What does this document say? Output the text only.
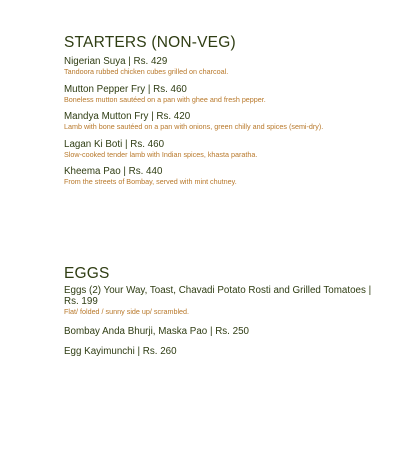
STARTERS (NON-VEG)
Nigerian Suya | Rs. 429
Tandoora rubbed chicken cubes grilled on charcoal.
Mutton Pepper Fry | Rs. 460
Boneless mutton sautéed on a pan with ghee and fresh pepper.
Mandya Mutton Fry | Rs. 420
Lamb with bone sautéed on a pan with onions, green chilly and spices (semi-dry).
Lagan Ki Boti | Rs. 460
Slow-cooked tender lamb with Indian spices, khasta paratha.
Kheema Pao | Rs. 440
From the streets of Bombay, served with mint chutney.
EGGS
Eggs (2) Your Way, Toast, Chavadi Potato Rosti and Grilled Tomatoes | Rs. 199
Flat/ folded / sunny side up/ scrambled.
Bombay Anda Bhurji, Maska Pao | Rs. 250
Egg Kayimunchi | Rs. 260
